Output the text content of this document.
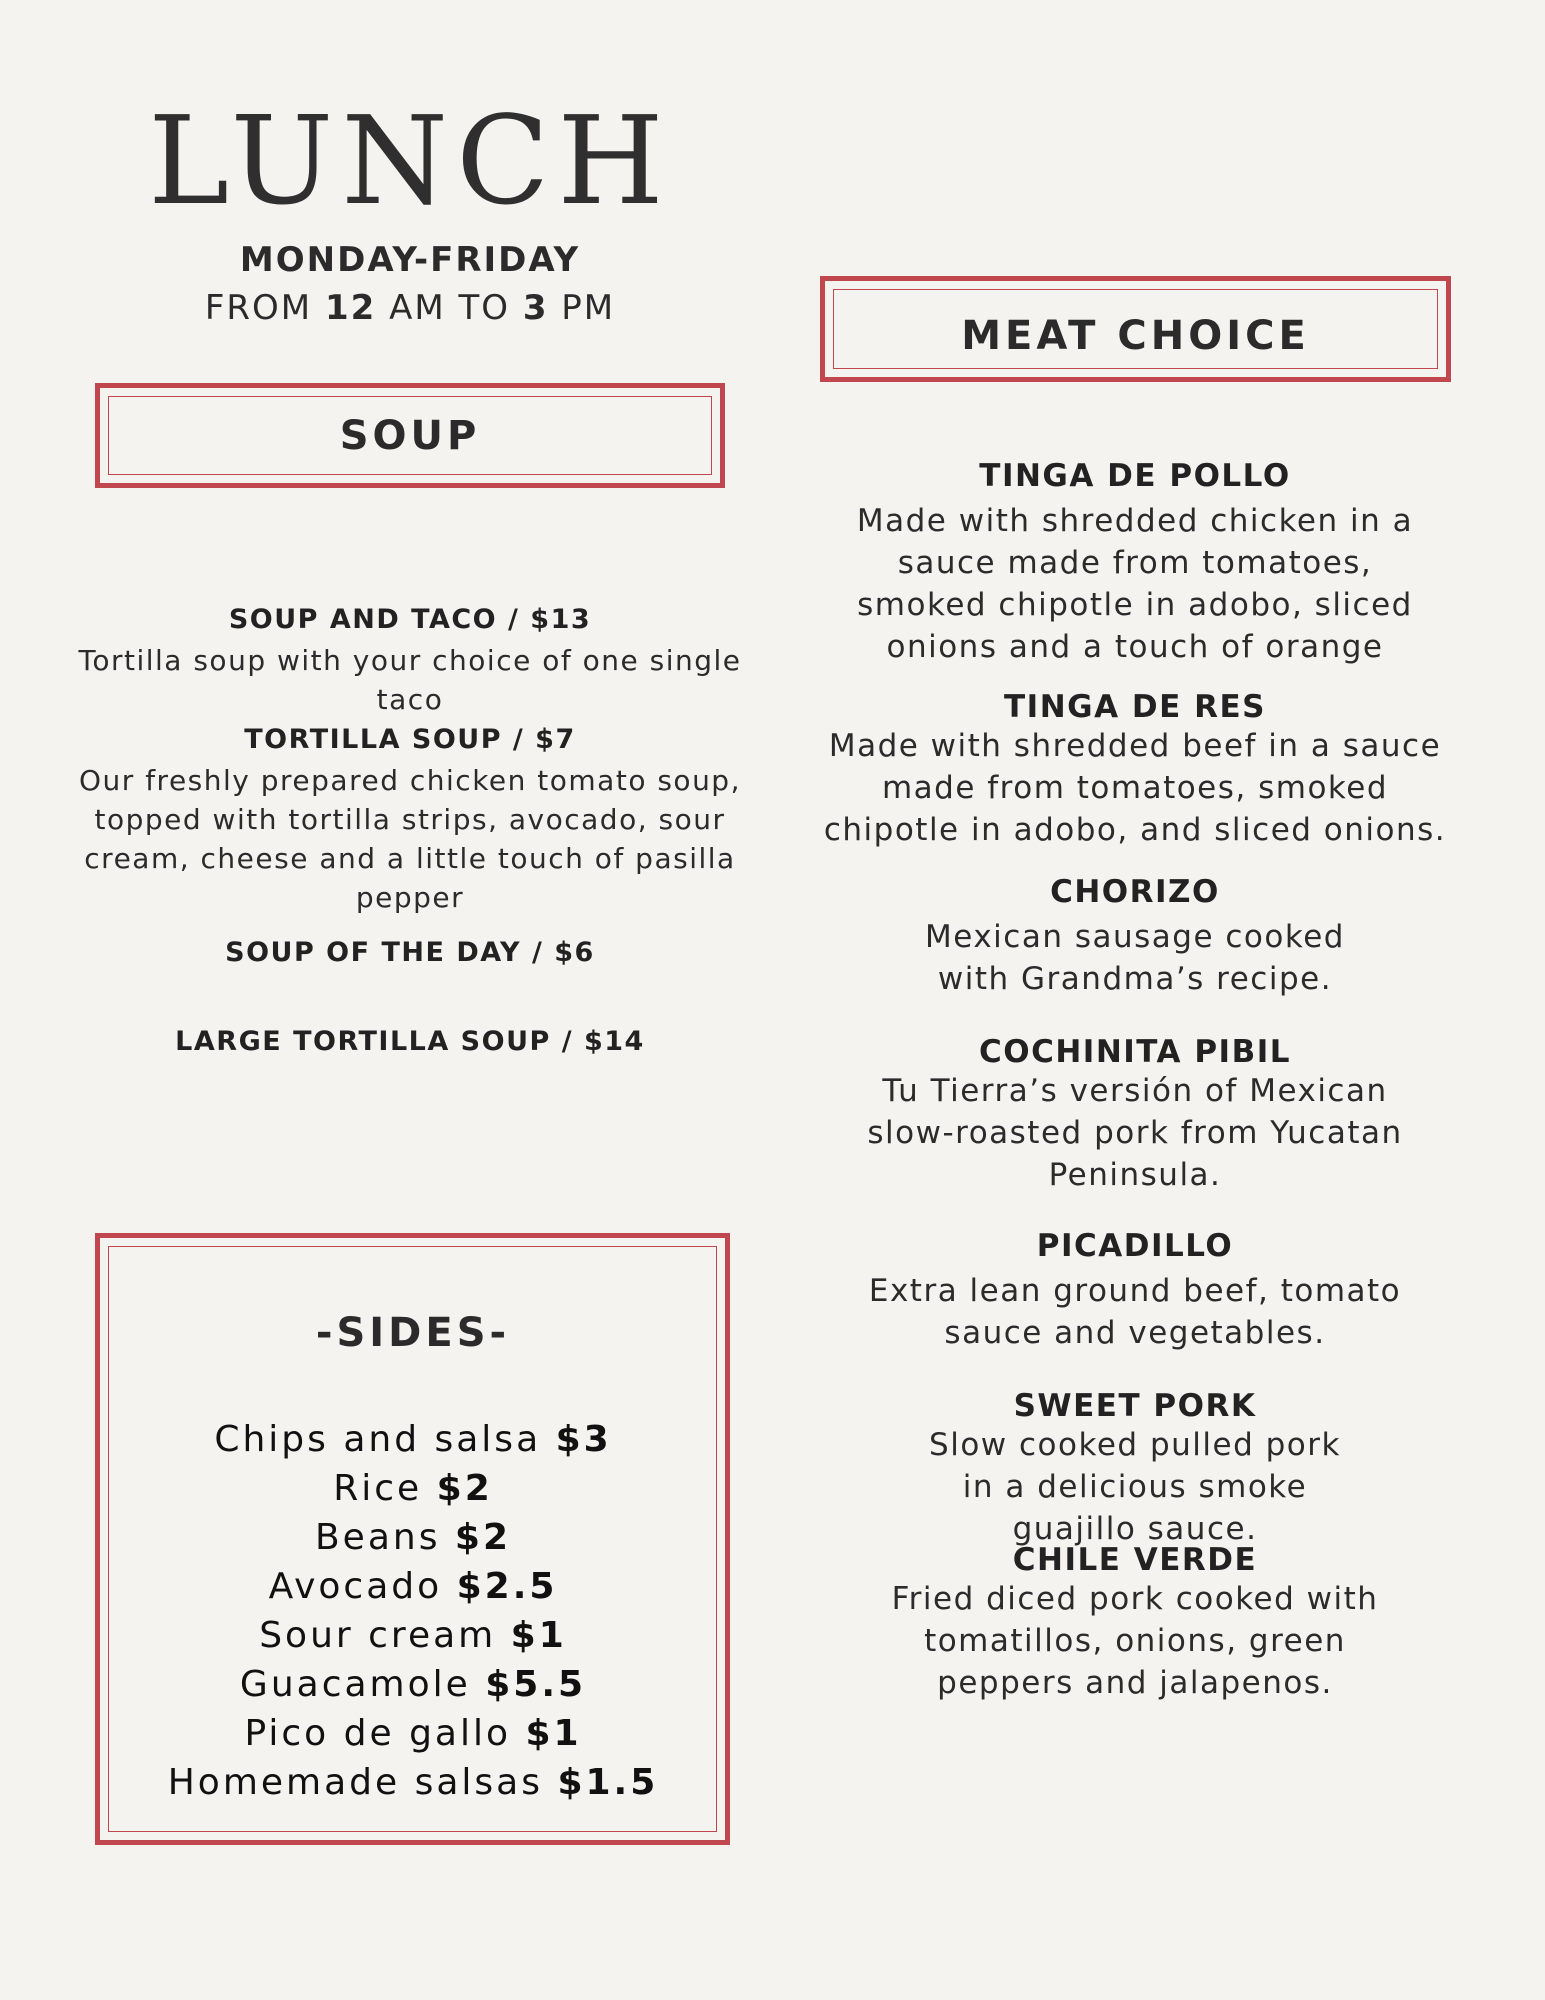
LUNCH
MONDAY-FRIDAY
FROM 12 AM TO 3 PM
SOUP
SOUP AND TACO / $13
Tortilla soup with your choice of one single taco
TORTILLA SOUP / $7
Our freshly prepared chicken tomato soup, topped with tortilla strips, avocado, sour cream, cheese and a little touch of pasilla pepper
SOUP OF THE DAY / $6
LARGE TORTILLA SOUP / $14
-SIDES-
Chips and salsa $3
Rice $2
Beans $2
Avocado $2.5
Sour cream $1
Guacamole $5.5
Pico de gallo $1
Homemade salsas $1.5
MEAT CHOICE
TINGA DE POLLO
Made with shredded chicken in a sauce made from tomatoes, smoked chipotle in adobo, sliced onions and a touch of orange
TINGA DE RES
Made with shredded beef in a sauce made from tomatoes, smoked chipotle in adobo, and sliced onions.
CHORIZO
Mexican sausage cooked with Grandma’s recipe.
COCHINITA PIBIL
Tu Tierra’s versión of Mexican slow-roasted pork from Yucatan Peninsula.
PICADILLO
Extra lean ground beef, tomato sauce and vegetables.
SWEET PORK
Slow cooked pulled pork in a delicious smoke guajillo sauce.
CHILE VERDE
Fried diced pork cooked with tomatillos, onions, green peppers and jalapenos.
